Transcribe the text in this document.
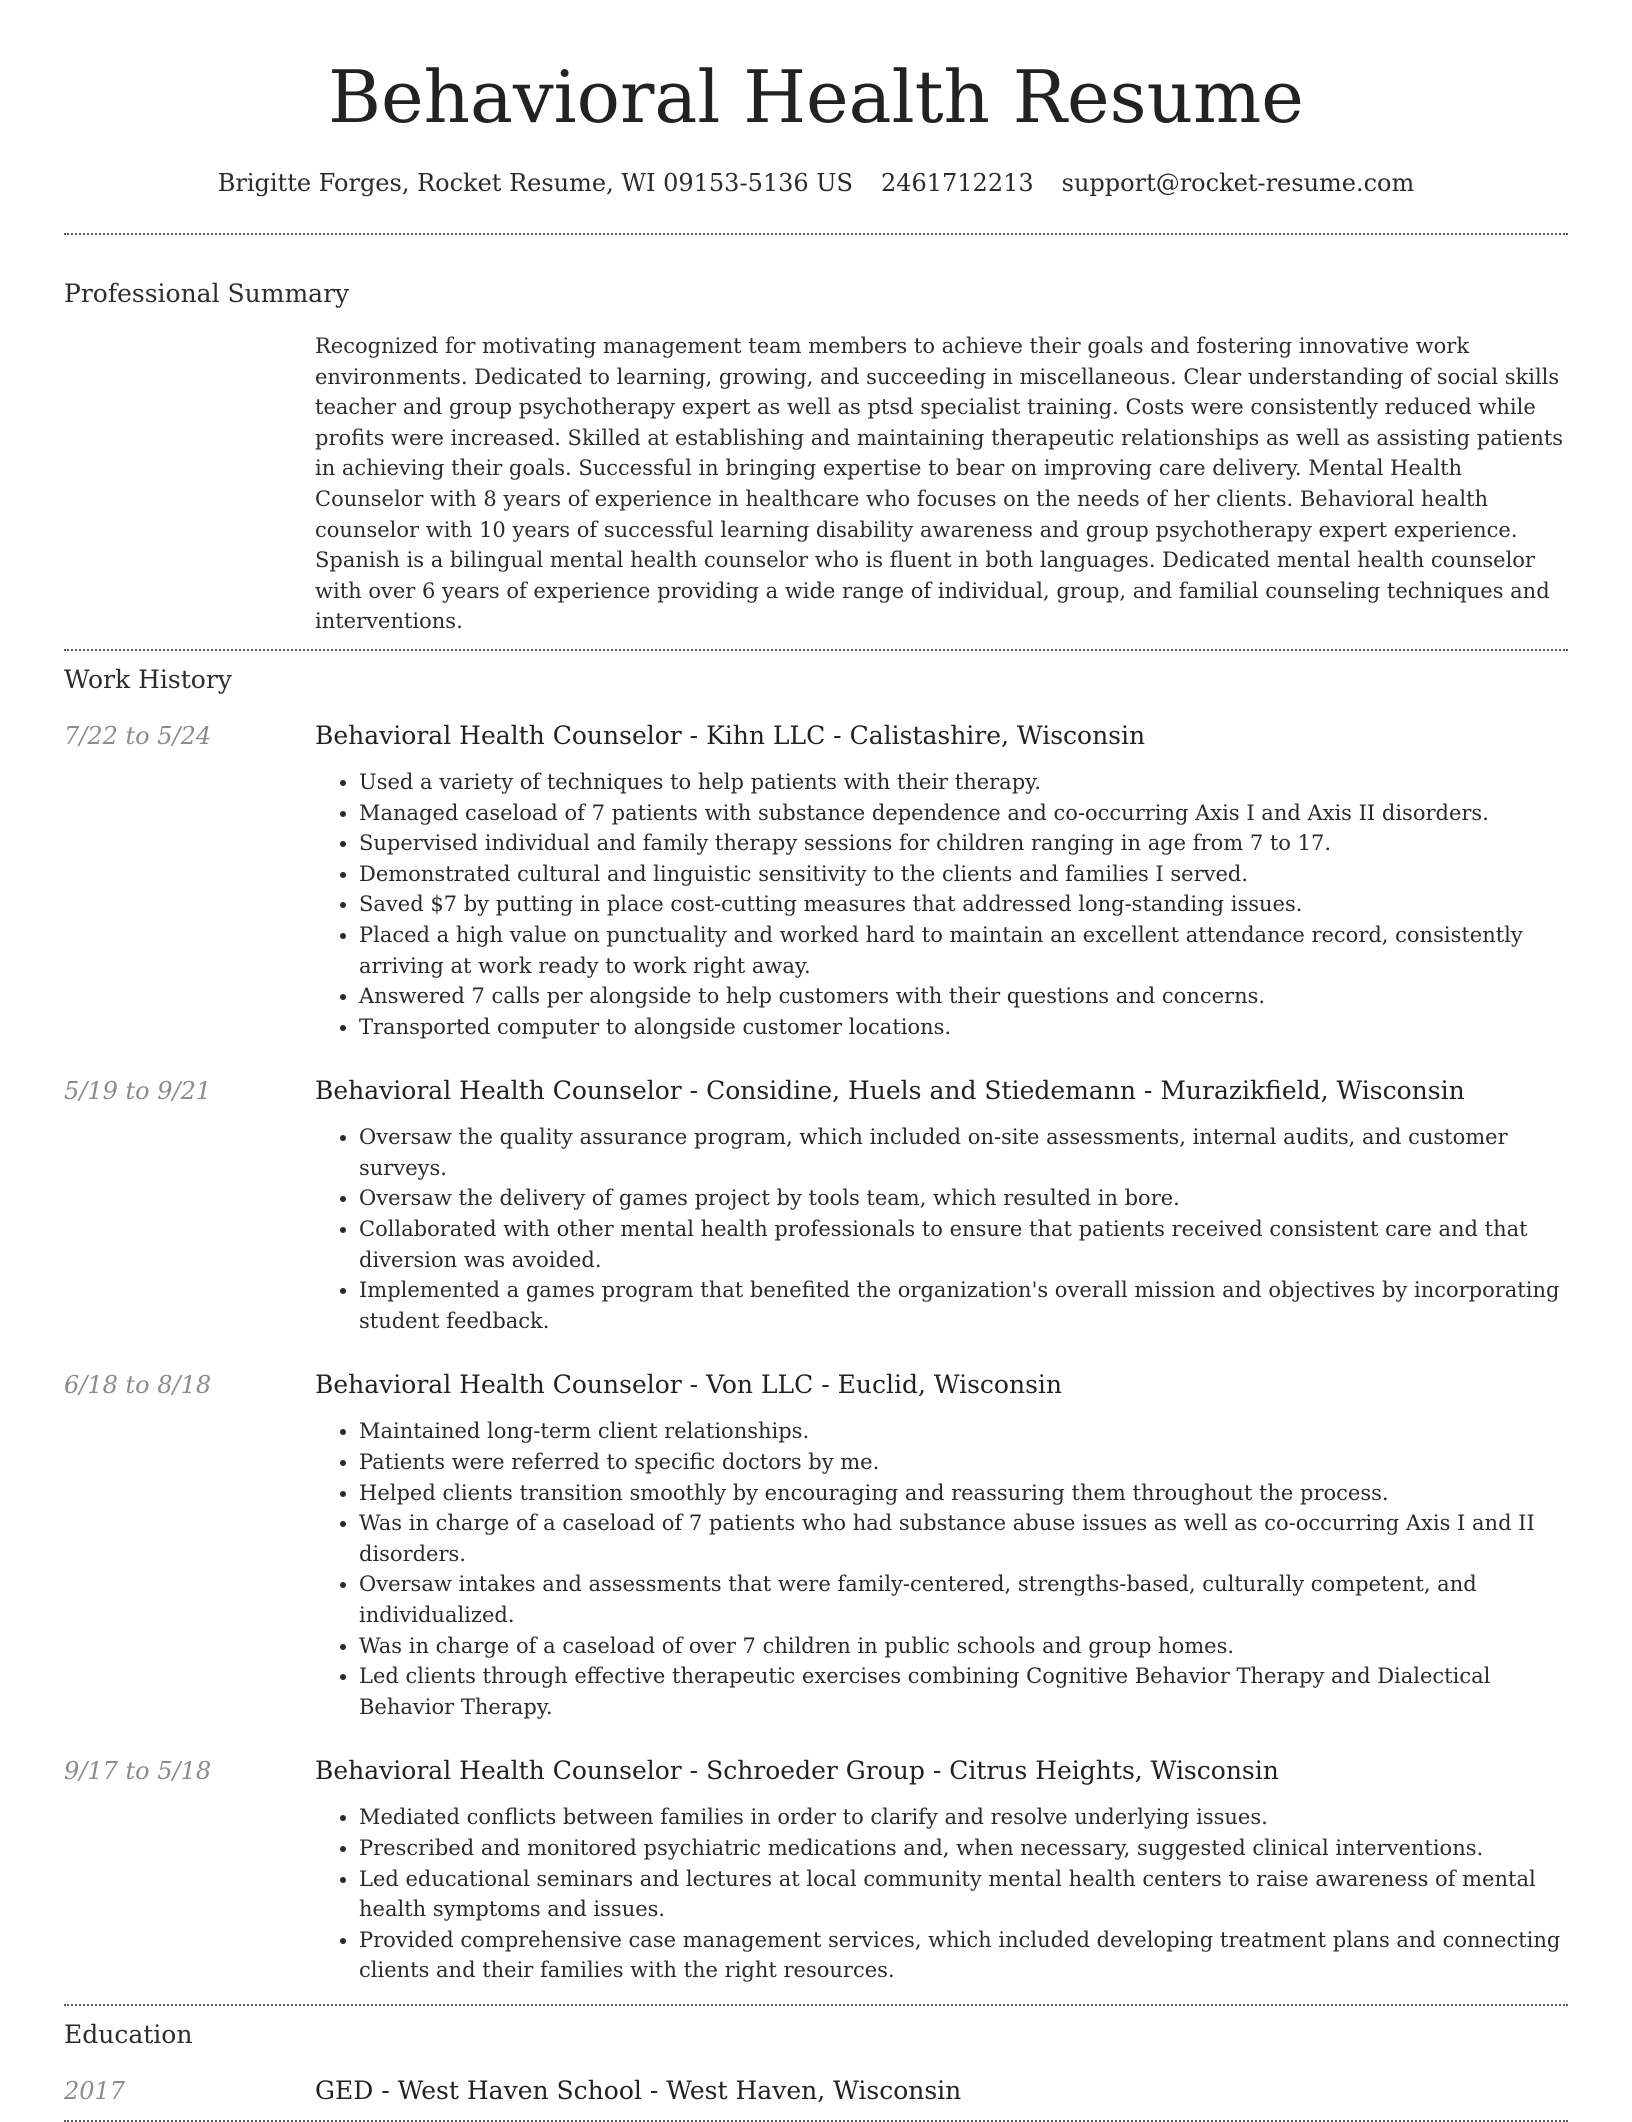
Behavioral Health Resume
Brigitte Forges, Rocket Resume, WI 09153-5136 US 2461712213 support@rocket-resume.com
Professional Summary
Recognized for motivating management team members to achieve their goals and fostering innovative work environments. Dedicated to learning, growing, and succeeding in miscellaneous. Clear understanding of social skills teacher and group psychotherapy expert as well as ptsd specialist training. Costs were consistently reduced while profits were increased. Skilled at establishing and maintaining therapeutic relationships as well as assisting patients in achieving their goals. Successful in bringing expertise to bear on improving care delivery. Mental Health Counselor with 8 years of experience in healthcare who focuses on the needs of her clients. Behavioral health counselor with 10 years of successful learning disability awareness and group psychotherapy expert experience. Spanish is a bilingual mental health counselor who is fluent in both languages. Dedicated mental health counselor with over 6 years of experience providing a wide range of individual, group, and familial counseling techniques and interventions.
Work History
7/22 to 5/24	Behavioral Health Counselor - Kihn LLC - Calistashire, Wisconsin
• Used a variety of techniques to help patients with their therapy.
• Managed caseload of 7 patients with substance dependence and co-occurring Axis I and Axis II disorders.
• Supervised individual and family therapy sessions for children ranging in age from 7 to 17.
• Demonstrated cultural and linguistic sensitivity to the clients and families I served.
• Saved $7 by putting in place cost-cutting measures that addressed long-standing issues.
• Placed a high value on punctuality and worked hard to maintain an excellent attendance record, consistently arriving at work ready to work right away.
• Answered 7 calls per alongside to help customers with their questions and concerns.
• Transported computer to alongside customer locations.
5/19 to 9/21	Behavioral Health Counselor - Considine, Huels and Stiedemann - Murazikfield, Wisconsin
• Oversaw the quality assurance program, which included on-site assessments, internal audits, and customer surveys.
• Oversaw the delivery of games project by tools team, which resulted in bore.
• Collaborated with other mental health professionals to ensure that patients received consistent care and that diversion was avoided.
• Implemented a games program that benefited the organization's overall mission and objectives by incorporating student feedback.
6/18 to 8/18	Behavioral Health Counselor - Von LLC - Euclid, Wisconsin
• Maintained long-term client relationships.
• Patients were referred to specific doctors by me.
• Helped clients transition smoothly by encouraging and reassuring them throughout the process.
• Was in charge of a caseload of 7 patients who had substance abuse issues as well as co-occurring Axis I and II disorders.
• Oversaw intakes and assessments that were family-centered, strengths-based, culturally competent, and individualized.
• Was in charge of a caseload of over 7 children in public schools and group homes.
• Led clients through effective therapeutic exercises combining Cognitive Behavior Therapy and Dialectical Behavior Therapy.
9/17 to 5/18	Behavioral Health Counselor - Schroeder Group - Citrus Heights, Wisconsin
• Mediated conflicts between families in order to clarify and resolve underlying issues.
• Prescribed and monitored psychiatric medications and, when necessary, suggested clinical interventions.
• Led educational seminars and lectures at local community mental health centers to raise awareness of mental health symptoms and issues.
• Provided comprehensive case management services, which included developing treatment plans and connecting clients and their families with the right resources.
Education
2017	GED - West Haven School - West Haven, Wisconsin
